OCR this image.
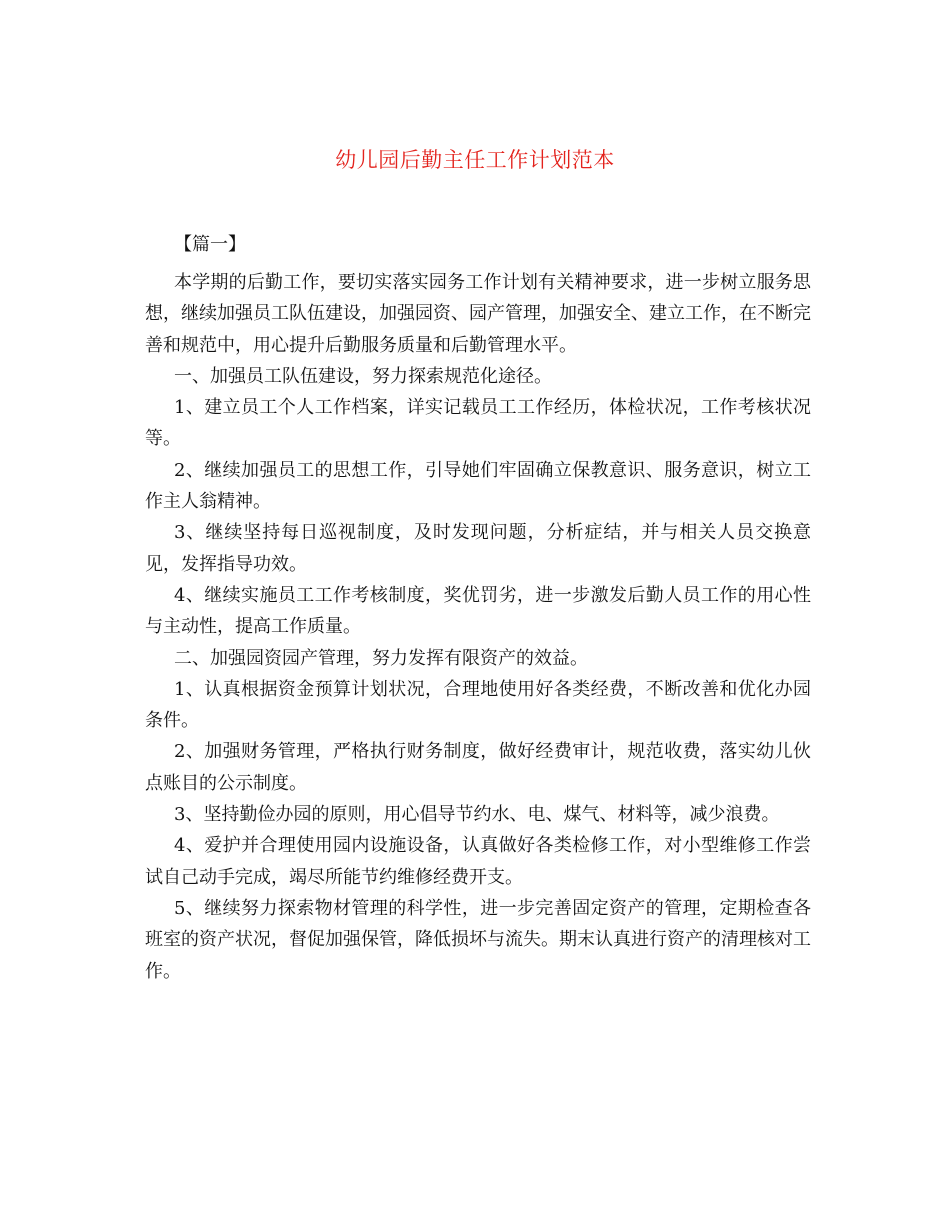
幼儿园后勤主任工作计划范本
【篇一】

本学期的后勤工作，要切实落实园务工作计划有关精神要求，进一步树立服务思想，继续加强员工队伍建设，加强园资、园产管理，加强安全、建立工作，在不断完善和规范中，用心提升后勤服务质量和后勤管理水平。

一、加强员工队伍建设，努力探索规范化途径。

1、建立员工个人工作档案，详实记载员工工作经历，体检状况，工作考核状况等。

2、继续加强员工的思想工作，引导她们牢固确立保教意识、服务意识，树立工作主人翁精神。

3、继续坚持每日巡视制度，及时发现问题，分析症结，并与相关人员交换意见，发挥指导功效。

4、继续实施员工工作考核制度，奖优罚劣，进一步激发后勤人员工作的用心性与主动性，提高工作质量。

二、加强园资园产管理，努力发挥有限资产的效益。

1、认真根据资金预算计划状况，合理地使用好各类经费，不断改善和优化办园条件。

2、加强财务管理，严格执行财务制度，做好经费审计，规范收费，落实幼儿伙点账目的公示制度。

3、坚持勤俭办园的原则，用心倡导节约水、电、煤气、材料等，减少浪费。

4、爱护并合理使用园内设施设备，认真做好各类检修工作，对小型维修工作尝试自己动手完成，竭尽所能节约维修经费开支。

5、继续努力探索物材管理的科学性，进一步完善固定资产的管理，定期检查各班室的资产状况，督促加强保管，降低损坏与流失。期末认真进行资产的清理核对工作。
